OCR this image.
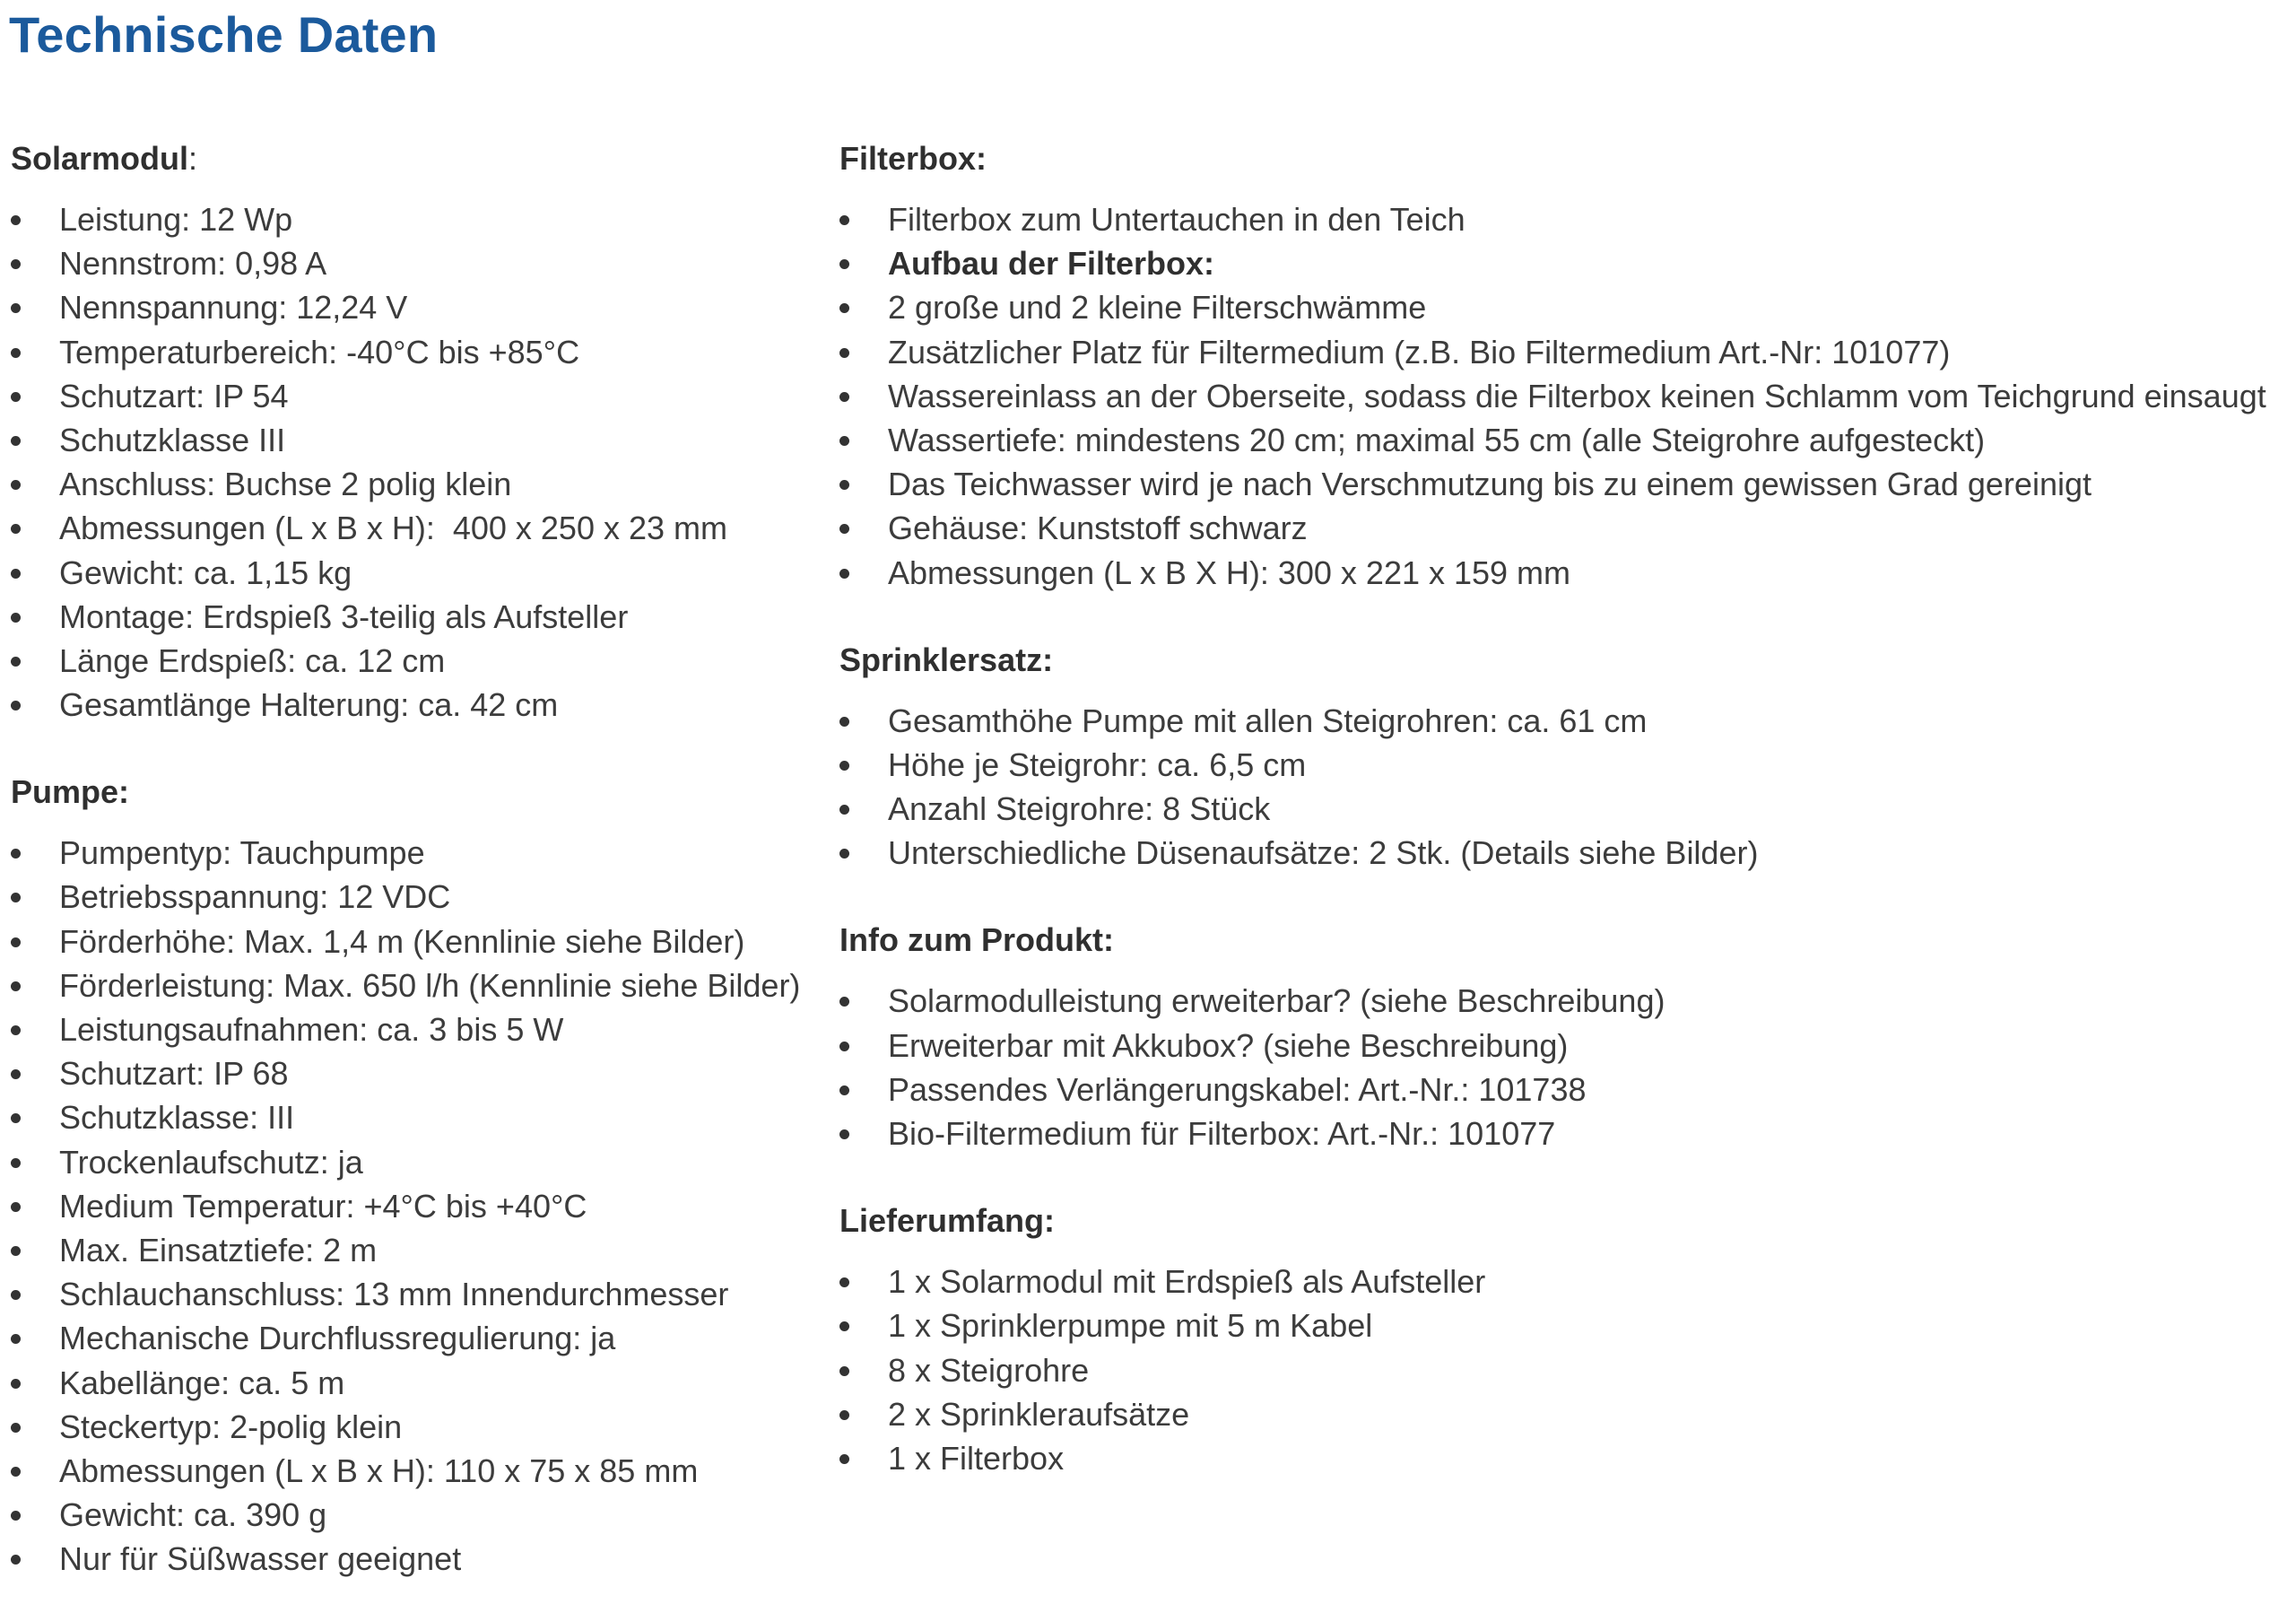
Technische Daten
Solarmodul:
Leistung: 12 Wp
Nennstrom: 0,98 A
Nennspannung: 12,24 V
Temperaturbereich: -40°C bis +85°C
Schutzart: IP 54
Schutzklasse III
Anschluss: Buchse 2 polig klein
Abmessungen (L x B x H):  400 x 250 x 23 mm
Gewicht: ca. 1,15 kg
Montage: Erdspieß 3-teilig als Aufsteller
Länge Erdspieß: ca. 12 cm
Gesamtlänge Halterung: ca. 42 cm
Pumpe:
Pumpentyp: Tauchpumpe
Betriebsspannung: 12 VDC
Förderhöhe: Max. 1,4 m (Kennlinie siehe Bilder)
Förderleistung: Max. 650 l/h (Kennlinie siehe Bilder)
Leistungsaufnahmen: ca. 3 bis 5 W
Schutzart: IP 68
Schutzklasse: III
Trockenlaufschutz: ja
Medium Temperatur: +4°C bis +40°C
Max. Einsatztiefe: 2 m
Schlauchanschluss: 13 mm Innendurchmesser
Mechanische Durchflussregulierung: ja
Kabellänge: ca. 5 m
Steckertyp: 2-polig klein
Abmessungen (L x B x H): 110 x 75 x 85 mm
Gewicht: ca. 390 g
Nur für Süßwasser geeignet
Filterbox:
Filterbox zum Untertauchen in den Teich
Aufbau der Filterbox:
2 große und 2 kleine Filterschwämme
Zusätzlicher Platz für Filtermedium (z.B. Bio Filtermedium Art.-Nr: 101077)
Wassereinlass an der Oberseite, sodass die Filterbox keinen Schlamm vom Teichgrund einsaugt
Wassertiefe: mindestens 20 cm; maximal 55 cm (alle Steigrohre aufgesteckt)
Das Teichwasser wird je nach Verschmutzung bis zu einem gewissen Grad gereinigt
Gehäuse: Kunststoff schwarz
Abmessungen (L x B X H): 300 x 221 x 159 mm
Sprinklersatz:
Gesamthöhe Pumpe mit allen Steigrohren: ca. 61 cm
Höhe je Steigrohr: ca. 6,5 cm
Anzahl Steigrohre: 8 Stück
Unterschiedliche Düsenaufsätze: 2 Stk. (Details siehe Bilder)
Info zum Produkt:
Solarmodulleistung erweiterbar? (siehe Beschreibung)
Erweiterbar mit Akkubox? (siehe Beschreibung)
Passendes Verlängerungskabel: Art.-Nr.: 101738
Bio-Filtermedium für Filterbox: Art.-Nr.: 101077
Lieferumfang:
1 x Solarmodul mit Erdspieß als Aufsteller
1 x Sprinklerpumpe mit 5 m Kabel
8 x Steigrohre
2 x Sprinkleraufsätze
1 x Filterbox
